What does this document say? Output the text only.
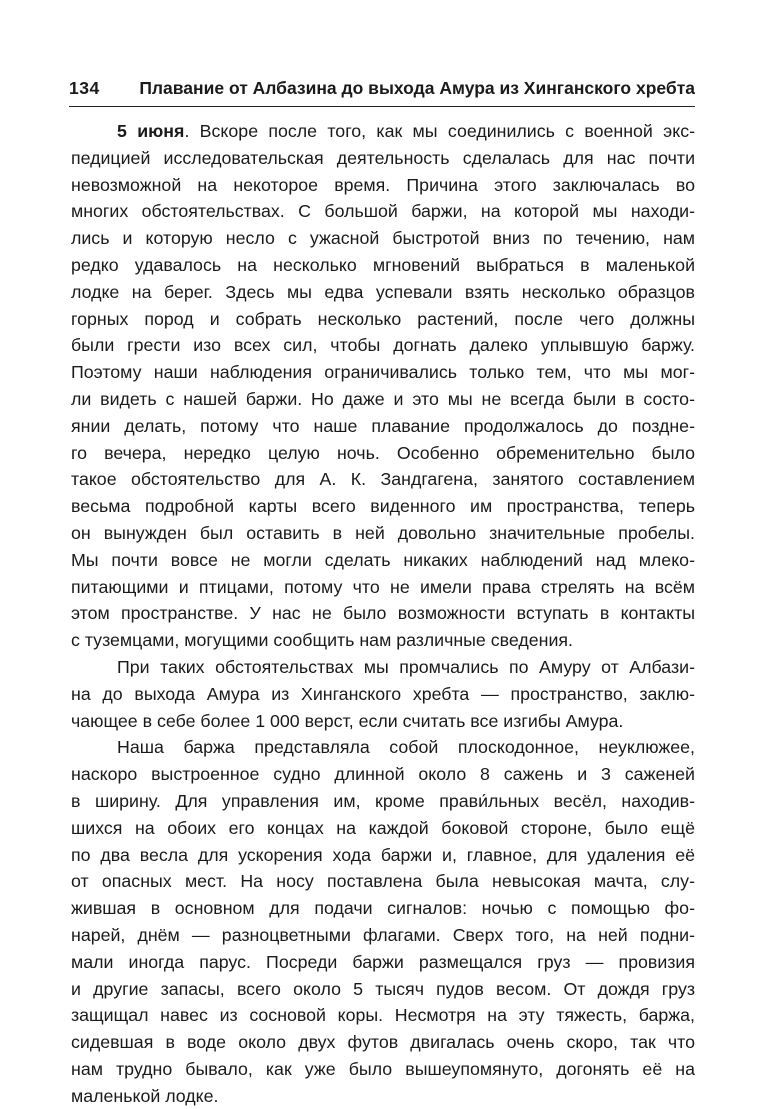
134 Плавание от Албазина до выхода Амура из Хинганского хребта
5 июня. Вскоре после того, как мы соединились с военной экс-
педицией исследовательская деятельность сделалась для нас почти
невозможной на некоторое время. Причина этого заключалась во
многих обстоятельствах. С большой баржи, на которой мы находи-
лись и которую несло с ужасной быстротой вниз по течению, нам
редко удавалось на несколько мгновений выбраться в маленькой
лодке на берег. Здесь мы едва успевали взять несколько образцов
горных пород и собрать несколько растений, после чего должны
были грести изо всех сил, чтобы догнать далеко уплывшую баржу.
Поэтому наши наблюдения ограничивались только тем, что мы мог-
ли видеть с нашей баржи. Но даже и это мы не всегда были в состо-
янии делать, потому что наше плавание продолжалось до поздне-
го вечера, нередко целую ночь. Особенно обременительно было
такое обстоятельство для А. К. Зандгагена, занятого составлением
весьма подробной карты всего виденного им пространства, теперь
он вынужден был оставить в ней довольно значительные пробелы.
Мы почти вовсе не могли сделать никаких наблюдений над млеко-
питающими и птицами, потому что не имели права стрелять на всём
этом пространстве. У нас не было возможности вступать в контакты
с туземцами, могущими сообщить нам различные сведения.
При таких обстоятельствах мы промчались по Амуру от Албази-
на до выхода Амура из Хинганского хребта — пространство, заклю-
чающее в себе более 1 000 верст, если считать все изгибы Амура.
Наша баржа представляла собой плоскодонное, неуклюжее,
наскоро выстроенное судно длинной около 8 сажень и 3 саженей
в ширину. Для управления им, кроме прави́льных весёл, находив-
шихся на обоих его концах на каждой боковой стороне, было ещё
по два весла для ускорения хода баржи и, главное, для удаления её
от опасных мест. На носу поставлена была невысокая мачта, слу-
жившая в основном для подачи сигналов: ночью с помощью фо-
нарей, днём — разноцветными флагами. Сверх того, на ней подни-
мали иногда парус. Посреди баржи размещался груз — провизия
и другие запасы, всего около 5 тысяч пудов весом. От дождя груз
защищал навес из сосновой коры. Несмотря на эту тяжесть, баржа,
сидевшая в воде около двух футов двигалась очень скоро, так что
нам трудно бывало, как уже было вышеупомянуто, догонять её на
маленькой лодке.
